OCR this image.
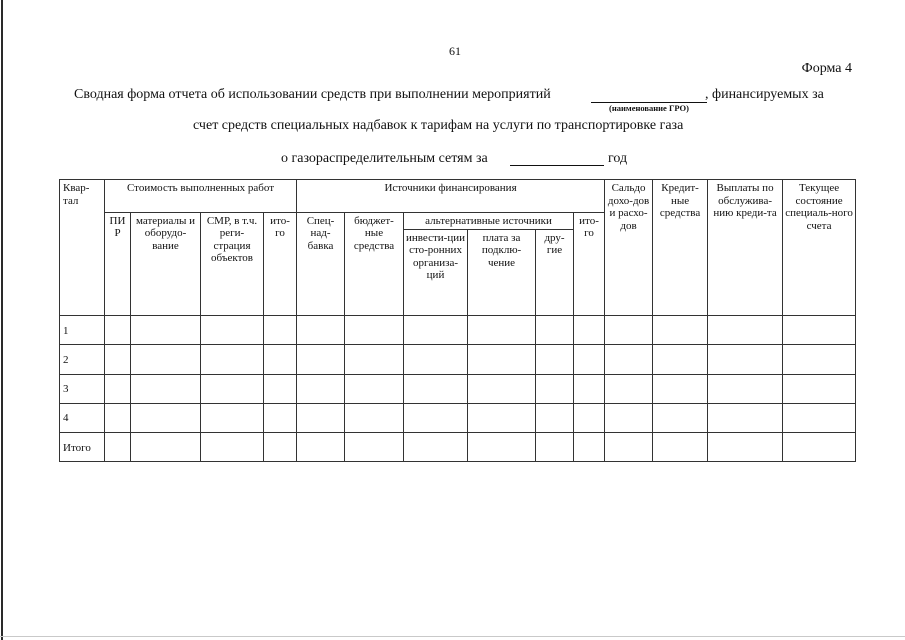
61
Форма 4
Сводная форма отчета об использовании средств при выполнении мероприятий
(наименование ГРО)
, финансируемых за
счет средств специальных надбавок к тарифам на услуги по транспортировке газа
о газораспределительным сетям за	год
Квар-тал	Стоимость выполненных работ				Источники финансирования						Сальдо дохо-дов и расхо-дов	Кредит-ные средства	Выплаты по обслужива-нию креди-та	Текущее состояние специаль-ного счета
	ПИ Р	материалы и оборудо-вание	СМР, в т.ч. реги-страция объектов	ито-го	Спец-над-бавка	бюджет-ные средства	альтернативные источники			ито-го				
							инвести-ции сто-ронних организа-ций	плата за подклю-чение	дру-гие					
1														
2														
3														
4														
Итого														
